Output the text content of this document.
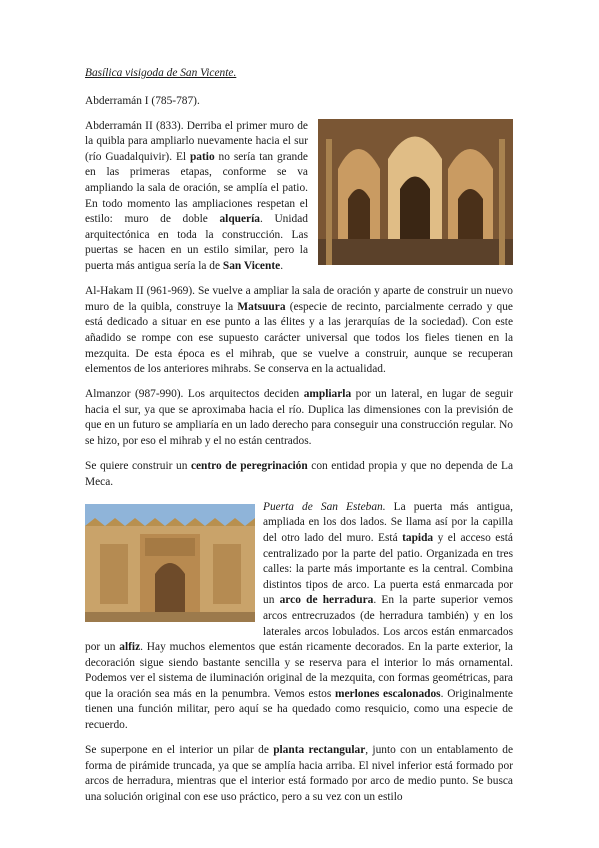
Basílica visigoda de San Vicente.

Abderramán I (785-787).

Abderramán II (833). Derriba el primer muro de la quibla para ampliarlo nuevamente hacia el sur (río Guadalquivir). El patio no sería tan grande en las primeras etapas, conforme se va ampliando la sala de oración, se amplía el patio. En todo momento las ampliaciones respetan el estilo: muro de doble alquería. Unidad arquitectónica en toda la construcción. Las puertas se hacen en un estilo similar, pero la puerta más antigua sería la de San Vicente.

Al-Hakam II (961-969). Se vuelve a ampliar la sala de oración y aparte de construir un nuevo muro de la quibla, construye la Matsuura (especie de recinto, parcialmente cerrado y que está dedicado a situar en ese punto a las élites y a las jerarquías de la sociedad). Con este añadido se rompe con ese supuesto carácter universal que todos los fieles tienen en la mezquita. De esta época es el mihrab, que se vuelve a construir, aunque se recuperan elementos de los anteriores mihrabs. Se conserva en la actualidad.

Almanzor (987-990). Los arquitectos deciden ampliarla por un lateral, en lugar de seguir hacia el sur, ya que se aproximaba hacia el río. Duplica las dimensiones con la previsión de que en un futuro se ampliaría en un lado derecho para conseguir una construcción regular. No se hizo, por eso el mihrab y el no están centrados.

Se quiere construir un centro de peregrinación con entidad propia y que no dependa de La Meca.

Puerta de San Esteban. La puerta más antigua, ampliada en los dos lados. Se llama así por la capilla del otro lado del muro. Está tapida y el acceso está centralizado por la parte del patio. Organizada en tres calles: la parte más importante es la central. Combina distintos tipos de arco. La puerta está enmarcada por un arco de herradura. En la parte superior vemos arcos entrecruzados (de herradura también) y en los laterales arcos lobulados. Los arcos están enmarcados por un alfiz. Hay muchos elementos que están ricamente decorados. En la parte exterior, la decoración sigue siendo bastante sencilla y se reserva para el interior lo más ornamental. Podemos ver el sistema de iluminación original de la mezquita, con formas geométricas, para que la oración sea más en la penumbra. Vemos estos merlones escalonados. Originalmente tienen una función militar, pero aquí se ha quedado como resquicio, como una especie de recuerdo.

Se superpone en el interior un pilar de planta rectangular, junto con un entablamento de forma de pirámide truncada, ya que se amplía hacia arriba. El nivel inferior está formado por arcos de herradura, mientras que el interior está formado por arco de medio punto. Se busca una solución original con ese uso práctico, pero a su vez con un estilo
